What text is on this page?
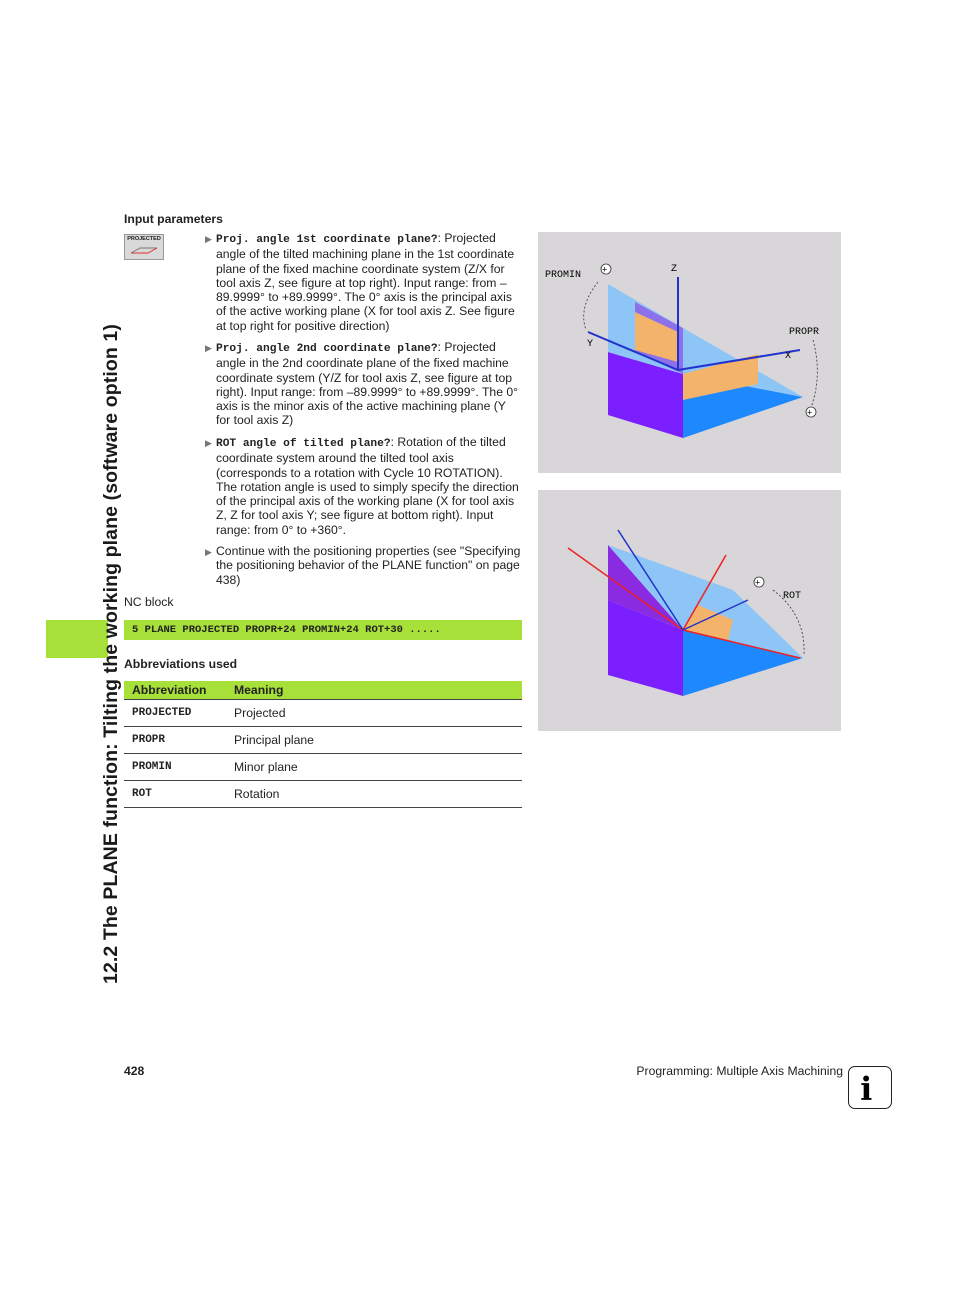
12.2 The PLANE function: Tilting the working plane (software option 1)
Input parameters
PROJECTED	▶ Proj. angle 1st coordinate plane?: Projected angle of the tilted machining plane in the 1st coordinate plane of the fixed machine coordinate system (Z/X for tool axis Z, see figure at top right). Input range: from –89.9999° to +89.9999°. The 0° axis is the principal axis of the active working plane (X for tool axis Z. See figure at top right for positive direction)
▶ Proj. angle 2nd coordinate plane?: Projected angle in the 2nd coordinate plane of the fixed machine coordinate system (Y/Z for tool axis Z, see figure at top right). Input range: from –89.9999° to +89.9999°. The 0° axis is the minor axis of the active machining plane (Y for tool axis Z)
▶ ROT angle of tilted plane?: Rotation of the tilted coordinate system around the tilted tool axis (corresponds to a rotation with Cycle 10 ROTATION). The rotation angle is used to simply specify the direction of the principal axis of the working plane (X for tool axis Z, Z for tool axis Y; see figure at bottom right). Input range: from 0° to +360°.
▶ Continue with the positioning properties (see "Specifying the positioning behavior of the PLANE function" on page 438)
NC block
5 PLANE PROJECTED PROPR+24 PROMIN+24 ROT+30 .....
Abbreviations used
Abbreviation	Meaning
PROJECTED	Projected
PROPR	Principal plane
PROMIN	Minor plane
ROT	Rotation
+
+
PROMIN
Z
PROPR
X
Y
+
ROT
428	Programming: Multiple Axis Machining i
